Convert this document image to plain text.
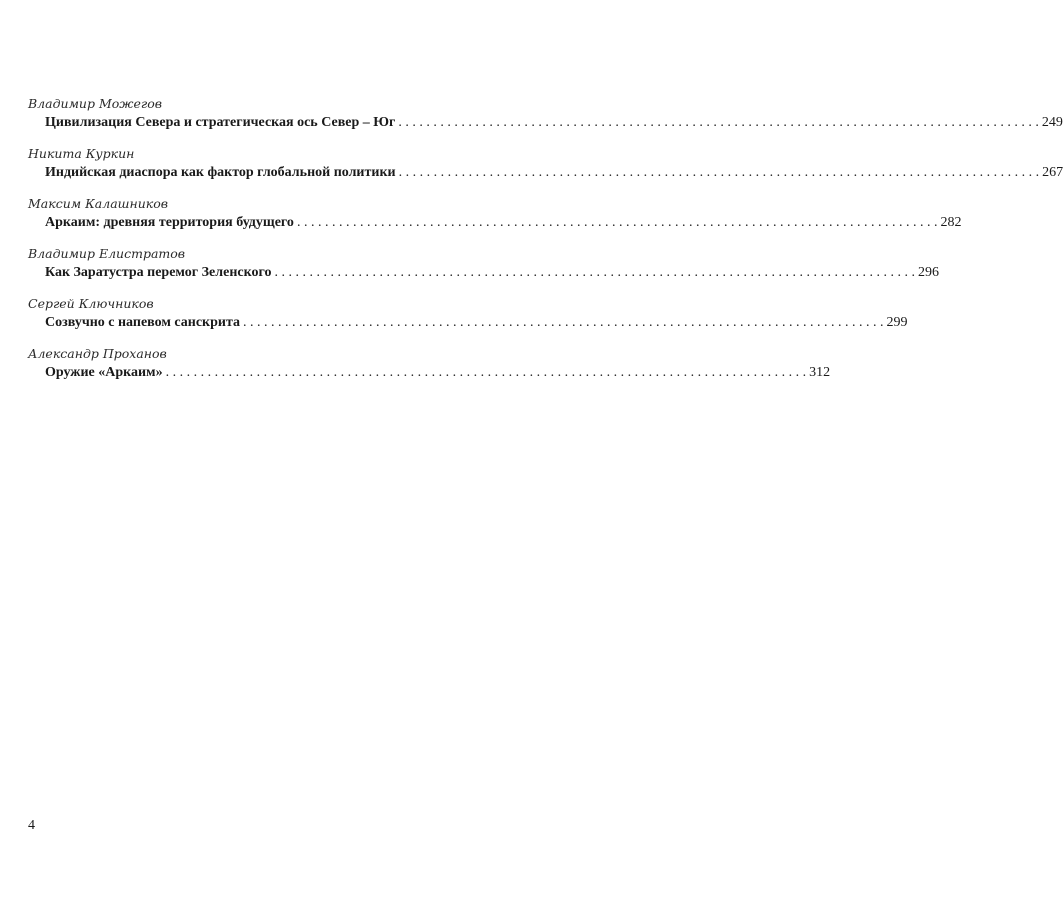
Владимир Можегов
Цивилизация Севера и стратегическая ось Север – Юг . . .	249
Никита Куркин
Индийская диаспора как фактор глобальной политики . . .	267
Максим Калашников
Аркаим: древняя территория будущего . . .	282
Владимир Елистратов
Как Заратустра перемог Зеленского . . .	296
Сергей Ключников
Созвучно с напевом санскрита . . .	299
Александр Проханов
Оружие «Аркаим» . . .	312
4
